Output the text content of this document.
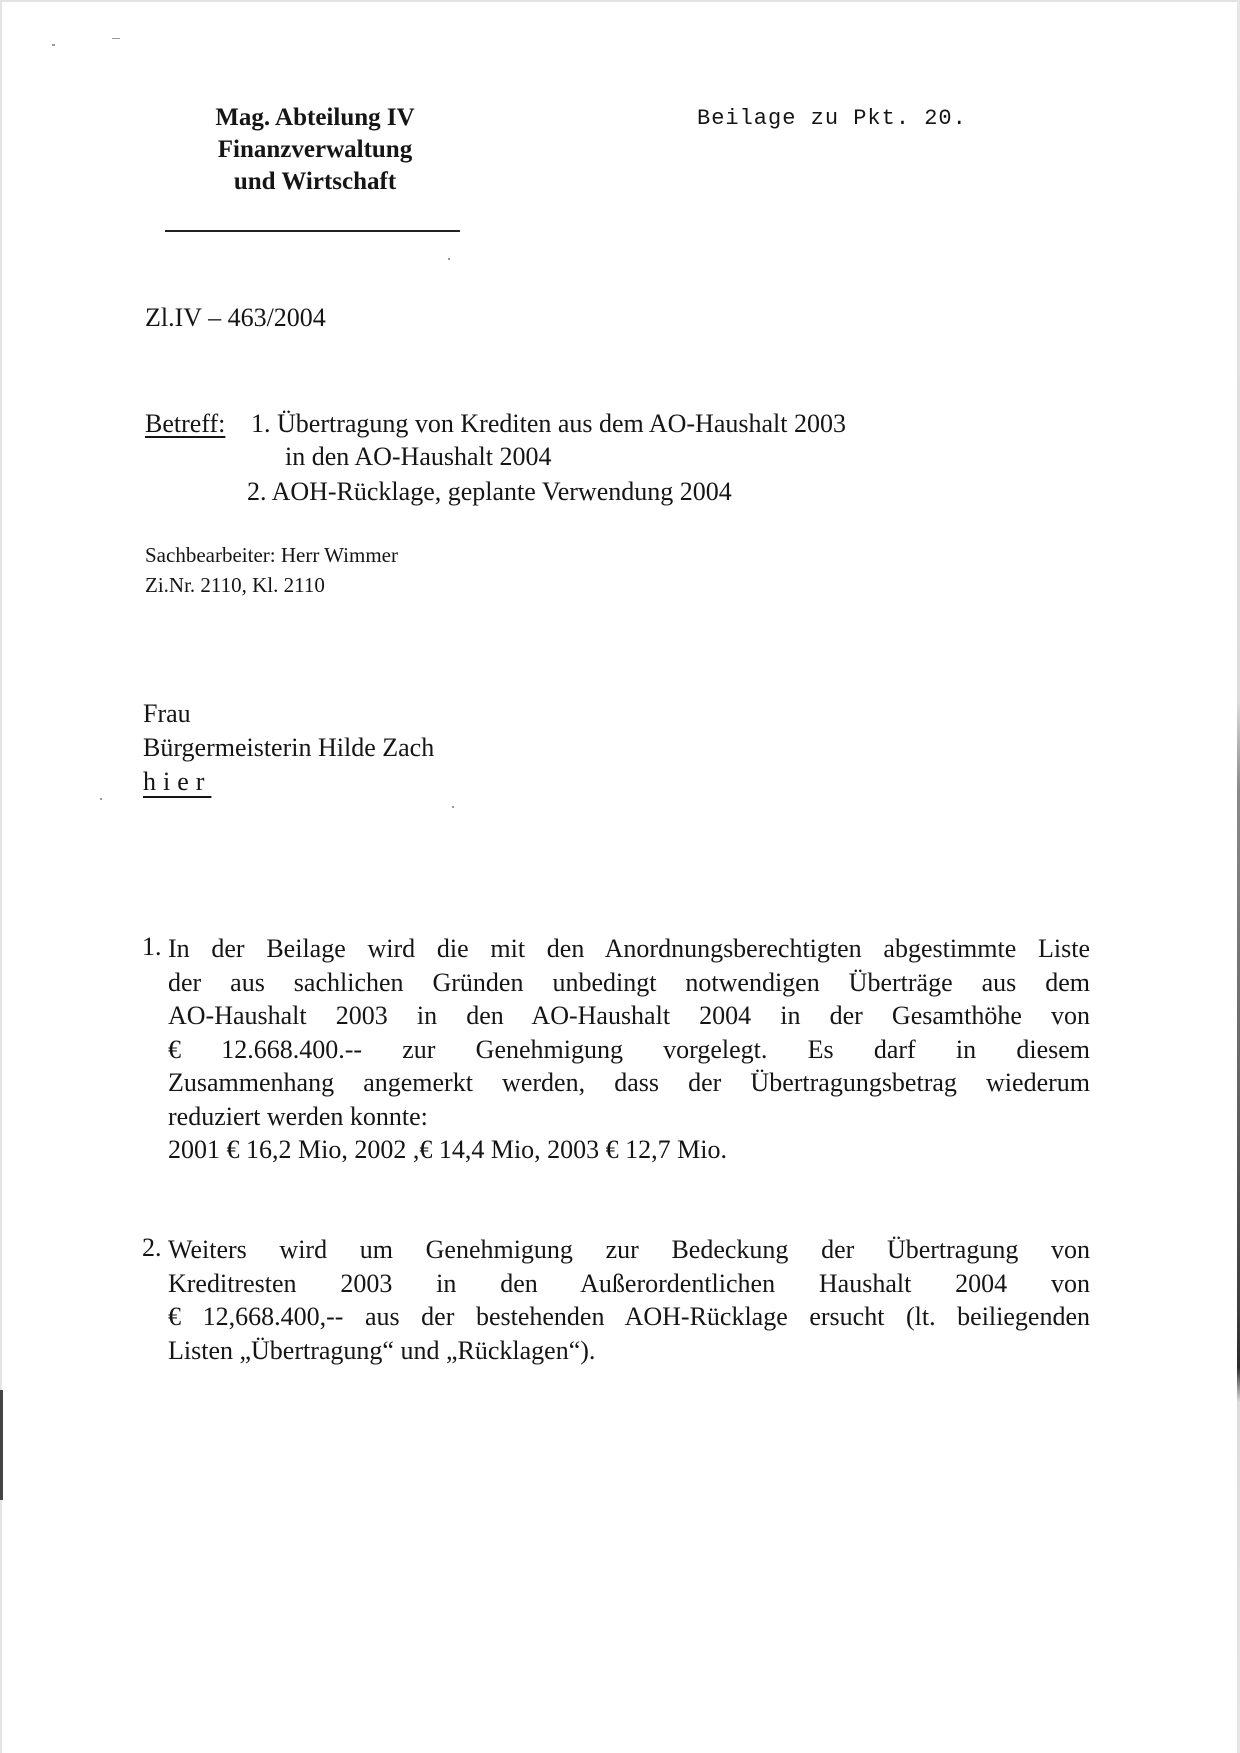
Mag. Abteilung IV
Finanzverwaltung
und Wirtschaft
Beilage zu Pkt. 20.
Zl.IV – 463/2004
Betreff: 1. Übertragung von Krediten aus dem AO-Haushalt 2003
in den AO-Haushalt 2004
2. AOH-Rücklage, geplante Verwendung 2004
Sachbearbeiter: Herr Wimmer
Zi.Nr. 2110, Kl. 2110
Frau
Bürgermeisterin Hilde Zach
hier
1. In der Beilage wird die mit den Anordnungsberechtigten abgestimmte Liste
der aus sachlichen Gründen unbedingt notwendigen Überträge aus dem
AO-Haushalt 2003 in den AO-Haushalt 2004 in der Gesamthöhe von
€ 12.668.400.-- zur Genehmigung vorgelegt. Es darf in diesem
Zusammenhang angemerkt werden, dass der Übertragungsbetrag wiederum
reduziert werden konnte:
2001 € 16,2 Mio, 2002 ,€ 14,4 Mio, 2003 € 12,7 Mio.
2. Weiters wird um Genehmigung zur Bedeckung der Übertragung von
Kreditresten 2003 in den Außerordentlichen Haushalt 2004 von
€ 12,668.400,-- aus der bestehenden AOH-Rücklage ersucht (lt. beiliegenden
Listen „Übertragung“ und „Rücklagen“).
